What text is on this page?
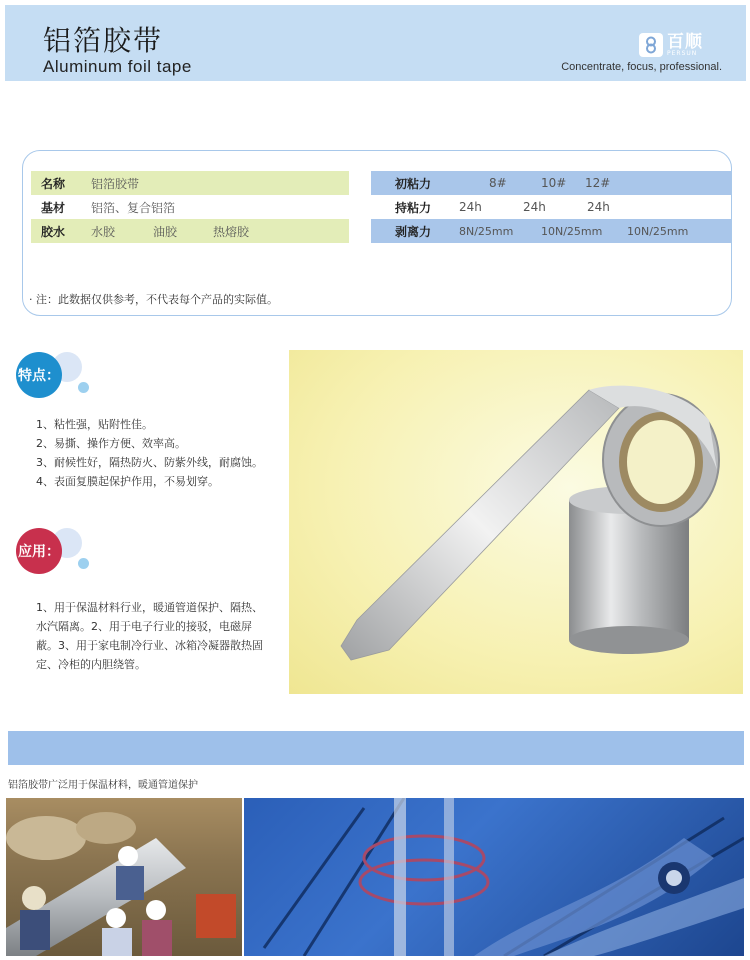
铝箔胶带
Aluminum foil tape
百顺
PERSUN
Concentrate, focus, professional.
名称	铝箔胶带
基材	铝箔、复合铝箔
胶水	水胶	油胶	热熔胶
初粘力	8#	10#	12#
持粘力	24h	24h	24h
剥离力	8N/25mm	10N/25mm	10N/25mm
· 注：此数据仅供参考，不代表每个产品的实际值。
特点：
1、粘性强，贴附性佳。
2、易撕、操作方便、效率高。
3、耐候性好，隔热防火、防紫外线，耐腐蚀。
4、表面复膜起保护作用，不易划穿。
应用：
1、用于保温材料行业，暖通管道保护、隔热、
水汽隔离。2、用于电子行业的接驳，电磁屏
蔽。3、用于家电制冷行业、冰箱冷凝器散热固
定、冷柜的内胆绕管。
铝箔胶带广泛用于保温材料，暖通管道保护
